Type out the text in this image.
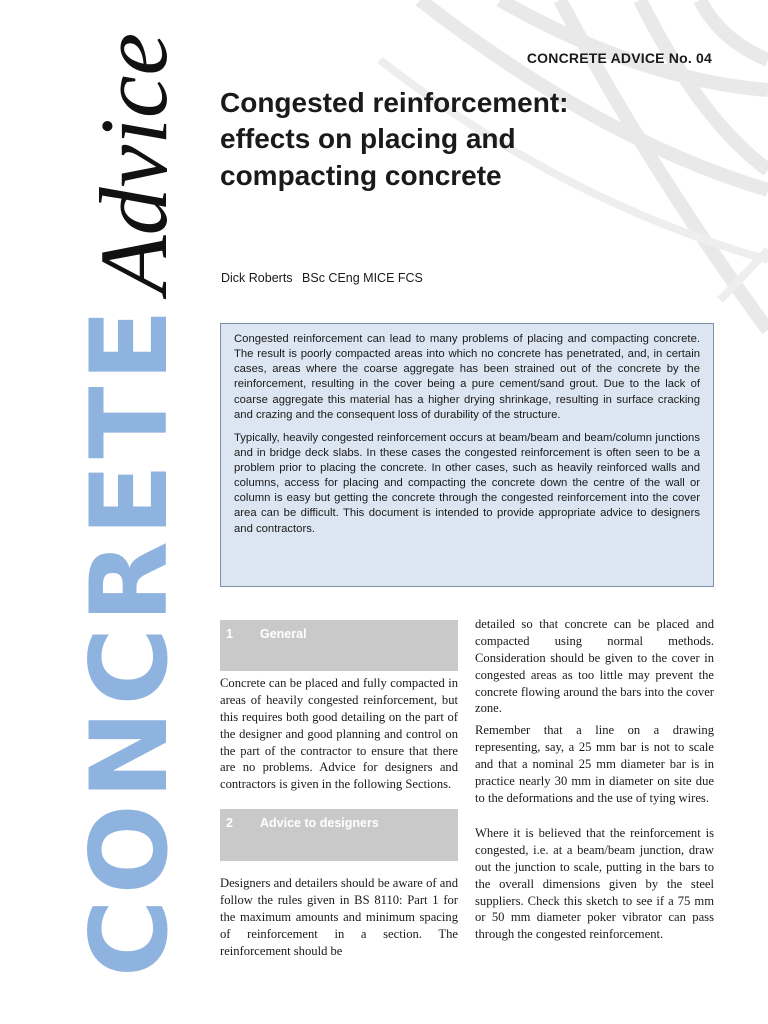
CONCRETE
Advice	CONCRETE ADVICE No. 04
Congested reinforcement:
effects on placing and
compacting concrete
Dick Roberts BSc CEng MICE FCS

Congested reinforcement can lead to many problems of placing and compacting concrete. The result is poorly compacted areas into which no concrete has penetrated, and, in certain cases, areas where the coarse aggregate has been strained out of the concrete by the reinforcement, resulting in the cover being a pure cement/sand grout. Due to the lack of coarse aggregate this material has a higher drying shrinkage, resulting in surface cracking and crazing and the consequent loss of durability of the structure.

Typically, heavily congested reinforcement occurs at beam/beam and beam/column junctions and in bridge deck slabs. In these cases the congested reinforcement is often seen to be a problem prior to placing the concrete. In other cases, such as heavily reinforced walls and columns, access for placing and compacting the concrete down the centre of the wall or column is easy but getting the concrete through the congested reinforcement into the cover area can be difficult. This document is intended to provide appropriate advice to designers and contractors.

1 General

Concrete can be placed and fully compacted in areas of heavily congested reinforcement, but this requires both good detailing on the part of the designer and good planning and control on the part of the contractor to ensure that there are no problems. Advice for designers and contractors is given in the following Sections.

2 Advice to designers

Designers and detailers should be aware of and follow the rules given in BS 8110: Part 1 for the maximum amounts and minimum spacing of reinforcement in a section. The reinforcement should be

detailed so that concrete can be placed and compacted using normal methods. Consideration should be given to the cover in congested areas as too little may prevent the concrete flowing around the bars into the cover zone.

Remember that a line on a drawing representing, say, a 25 mm bar is not to scale and that a nominal 25 mm diameter bar is in practice nearly 30 mm in diameter on site due to the deformations and the use of tying wires.

Where it is believed that the reinforcement is congested, i.e. at a beam/beam junction, draw out the junction to scale, putting in the bars to the overall dimensions given by the steel suppliers. Check this sketch to see if a 75 mm or 50 mm diameter poker vibrator can pass through the congested reinforcement.
